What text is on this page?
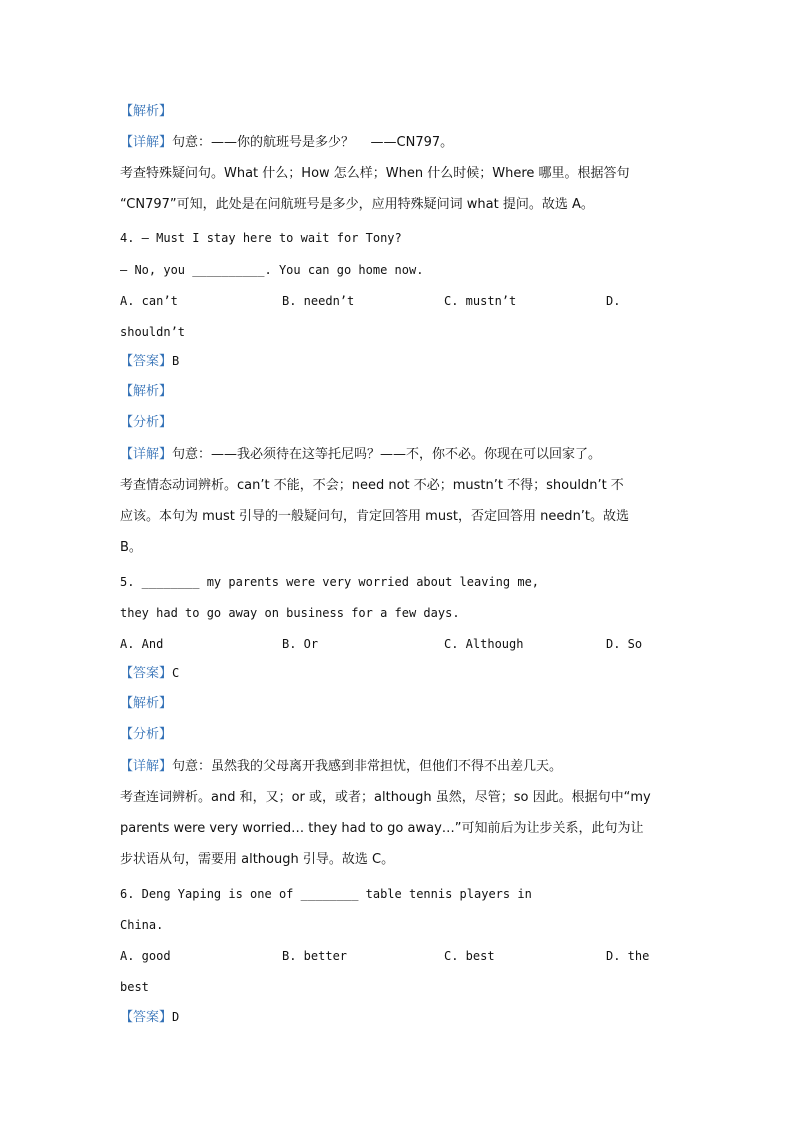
【解析】
【详解】句意：——你的航班号是多少？    ——CN797。
考查特殊疑问句。What 什么；How 怎么样；When 什么时候；Where 哪里。根据答句
“CN797”可知，此处是在问航班号是多少，应用特殊疑问词 what 提问。故选 A。
4. — Must I stay here to wait for Tony?
— No, you __________. You can go home now.
A. can’t	B. needn’t	C. mustn’t	D.
shouldn’t
【答案】B
【解析】
【分析】
【详解】句意：——我必须待在这等托尼吗？——不，你不必。你现在可以回家了。
考查情态动词辨析。can’t 不能，不会；need not 不必；mustn’t 不得；shouldn’t 不
应该。本句为 must 引导的一般疑问句，肯定回答用 must，否定回答用 needn’t。故选
B。
5. ________ my parents were very worried about leaving me,
they had to go away on business for a few days.
A. And	B. Or	C. Although	D. So
【答案】C
【解析】
【分析】
【详解】句意：虽然我的父母离开我感到非常担忧，但他们不得不出差几天。
考查连词辨析。and 和，又；or 或，或者；although 虽然，尽管；so 因此。根据句中“my
parents were very worried… they had to go away…”可知前后为让步关系，此句为让
步状语从句，需要用 although 引导。故选 C。
6. Deng Yaping is one of ________ table tennis players in
China.
A. good	B. better	C. best	D. the
best
【答案】D
